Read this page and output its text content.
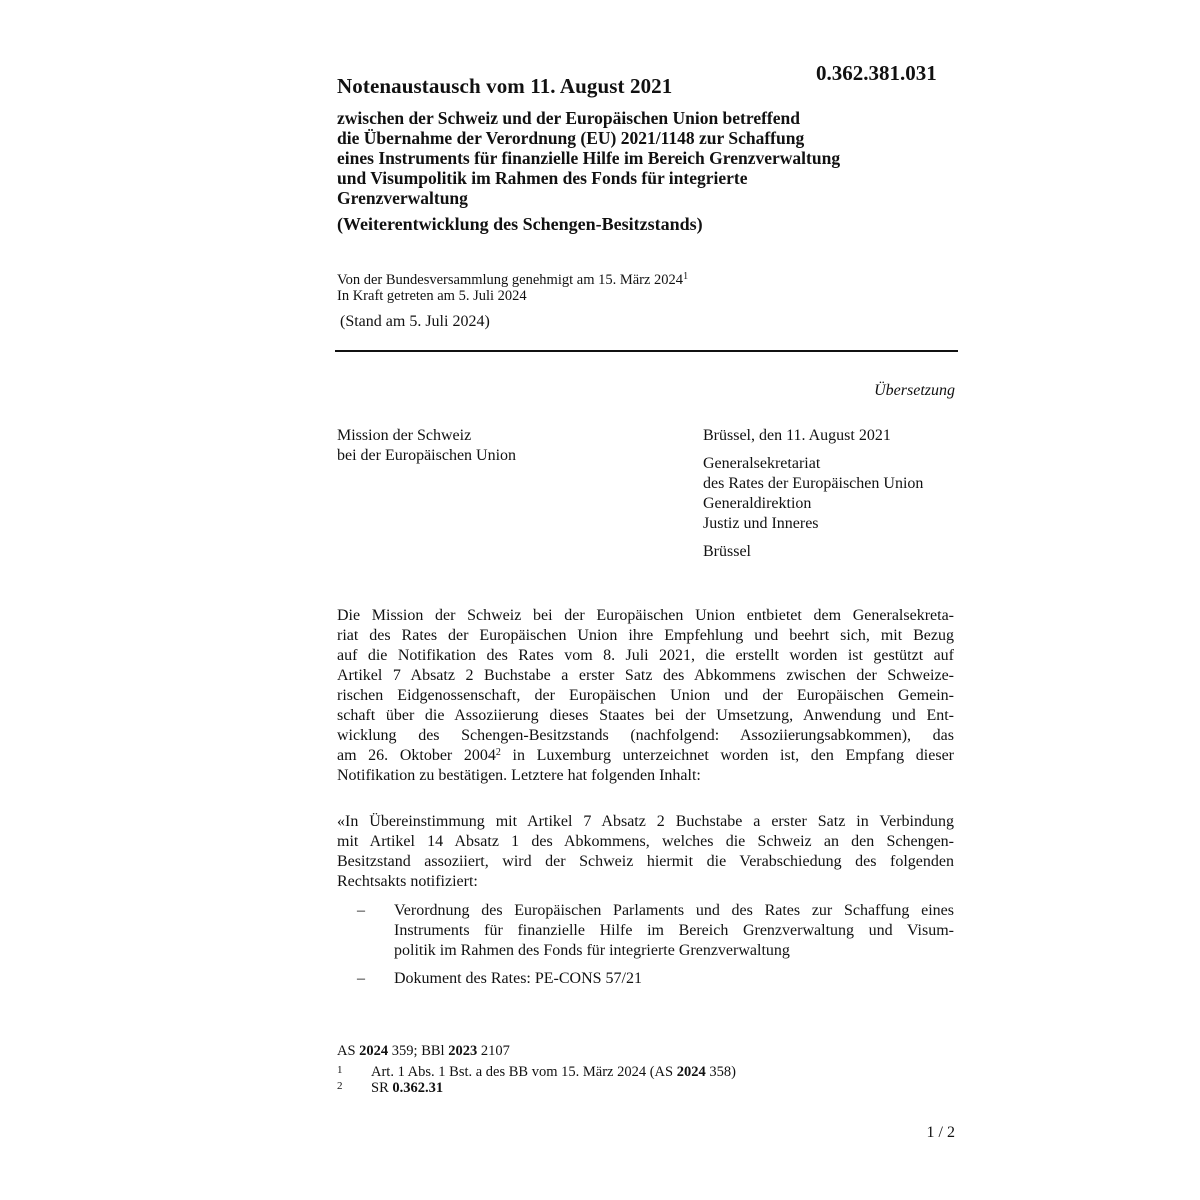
Notenaustausch vom 11. August 2021
0.362.381.031
zwischen der Schweiz und der Europäischen Union betreffend
die Übernahme der Verordnung (EU) 2021/1148 zur Schaffung
eines Instruments für finanzielle Hilfe im Bereich Grenzverwaltung
und Visumpolitik im Rahmen des Fonds für integrierte
Grenzverwaltung
(Weiterentwicklung des Schengen-Besitzstands)
Von der Bundesversammlung genehmigt am 15. März 2024$^1$
In Kraft getreten am 5. Juli 2024
(Stand am 5. Juli 2024)
Übersetzung
Mission der Schweiz
bei der Europäischen Union
Brüssel, den 11. August 2021
Generalsekretariat
des Rates der Europäischen Union
Generaldirektion
Justiz und Inneres
Brüssel
Die Mission der Schweiz bei der Europäischen Union entbietet dem Generalsekreta-
riat des Rates der Europäischen Union ihre Empfehlung und beehrt sich, mit Bezug
auf die Notifikation des Rates vom 8. Juli 2021, die erstellt worden ist gestützt auf
Artikel 7 Absatz 2 Buchstabe a erster Satz des Abkommens zwischen der Schweize-
rischen Eidgenossenschaft, der Europäischen Union und der Europäischen Gemein-
schaft über die Assoziierung dieses Staates bei der Umsetzung, Anwendung und Ent-
wicklung des Schengen-Besitzstands (nachfolgend: Assoziierungsabkommen), das
am 26. Oktober 2004$^2$ in Luxemburg unterzeichnet worden ist, den Empfang dieser
Notifikation zu bestätigen. Letztere hat folgenden Inhalt:
«In Übereinstimmung mit Artikel 7 Absatz 2 Buchstabe a erster Satz in Verbindung
mit Artikel 14 Absatz 1 des Abkommens, welches die Schweiz an den Schengen-
Besitzstand assoziiert, wird der Schweiz hiermit die Verabschiedung des folgenden
Rechtsakts notifiziert:
– Verordnung des Europäischen Parlaments und des Rates zur Schaffung eines
Instruments für finanzielle Hilfe im Bereich Grenzverwaltung und Visum-
politik im Rahmen des Fonds für integrierte Grenzverwaltung
– Dokument des Rates: PE-CONS 57/21
AS 2024 359; BBl 2023 2107
1 Art. 1 Abs. 1 Bst. a des BB vom 15. März 2024 (AS 2024 358)
2 SR 0.362.31
1 / 2
